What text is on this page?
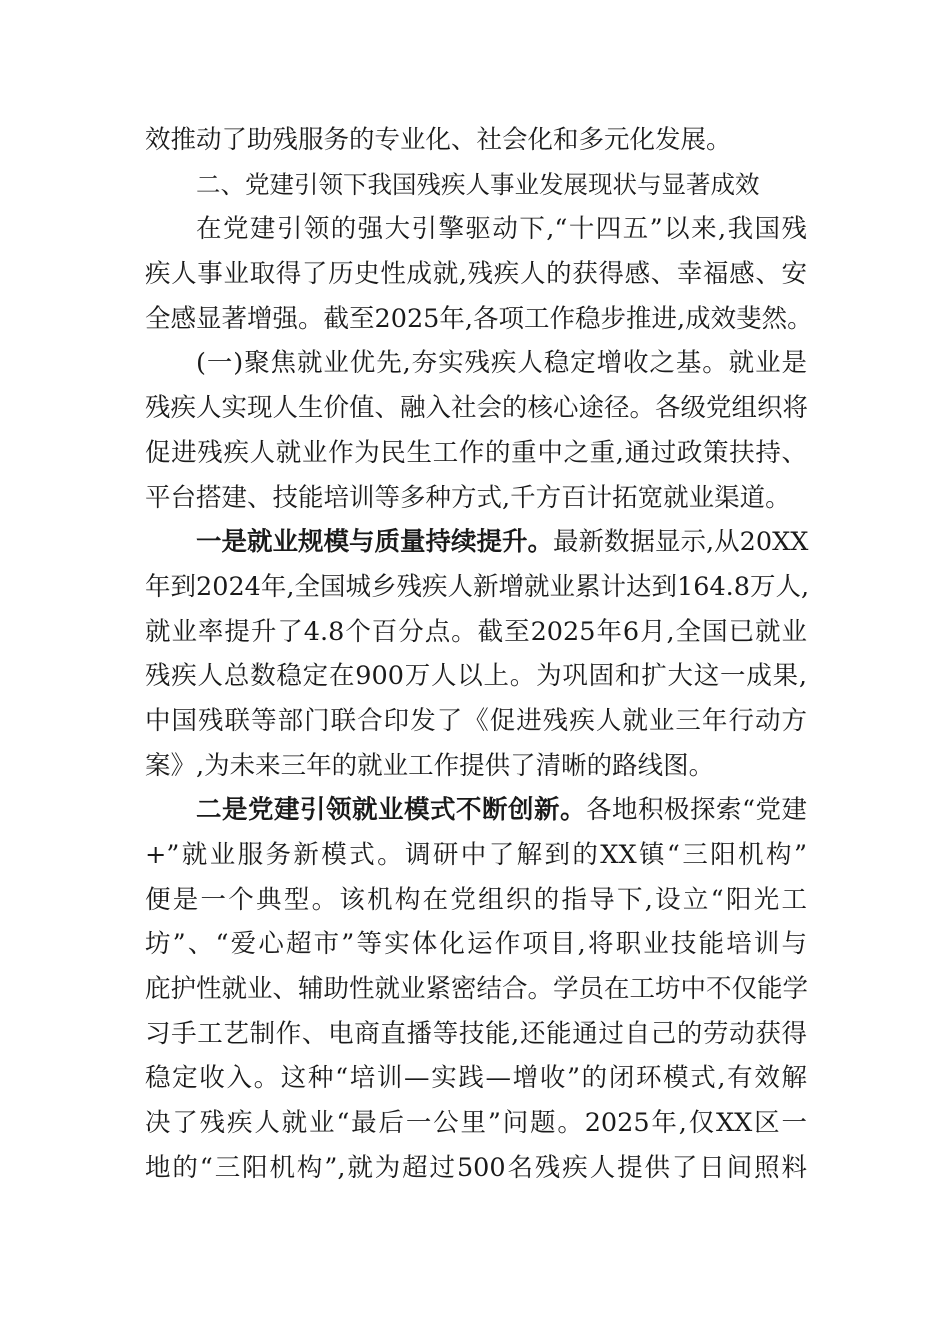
效推动了助残服务的专业化、社会化和多元化发展。
二、党建引领下我国残疾人事业发展现状与显著成效
在党建引领的强大引擎驱动下,“十四五”以来,我国残
疾人事业取得了历史性成就,残疾人的获得感、幸福感、安
全感显著增强。截至2025年,各项工作稳步推进,成效斐然。
(一)聚焦就业优先,夯实残疾人稳定增收之基。就业是
残疾人实现人生价值、融入社会的核心途径。各级党组织将
促进残疾人就业作为民生工作的重中之重,通过政策扶持、
平台搭建、技能培训等多种方式,千方百计拓宽就业渠道。
一是就业规模与质量持续提升。最新数据显示,从20XX
年到2024年,全国城乡残疾人新增就业累计达到164.8万人,
就业率提升了4.8个百分点。截至2025年6月,全国已就业
残疾人总数稳定在900万人以上。为巩固和扩大这一成果,
中国残联等部门联合印发了《促进残疾人就业三年行动方
案》,为未来三年的就业工作提供了清晰的路线图。
二是党建引领就业模式不断创新。各地积极探索“党建
+”就业服务新模式。调研中了解到的XX镇“三阳机构”
便是一个典型。该机构在党组织的指导下,设立“阳光工
坊”、“爱心超市”等实体化运作项目,将职业技能培训与
庇护性就业、辅助性就业紧密结合。学员在工坊中不仅能学
习手工艺制作、电商直播等技能,还能通过自己的劳动获得
稳定收入。这种“培训—实践—增收”的闭环模式,有效解
决了残疾人就业“最后一公里”问题。2025年,仅XX区一
地的“三阳机构”,就为超过500名残疾人提供了日间照料
